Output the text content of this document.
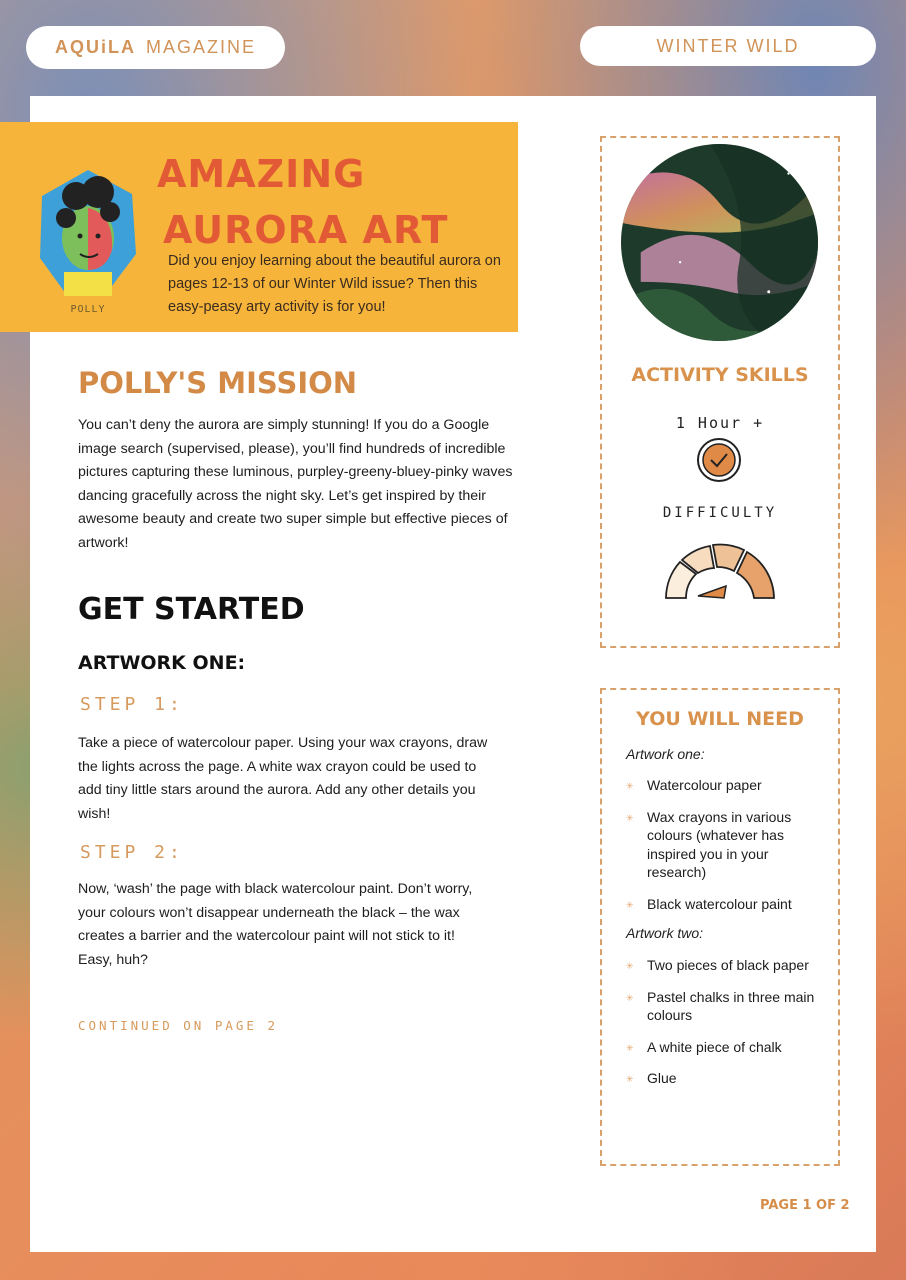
AQUiLA MAGAZINE	WINTER WILD
POLLY
AMAZING
AURORA ART

Did you enjoy learning about the beautiful aurora on pages 12-13 of our Winter Wild issue? Then this easy-peasy arty activity is for you!

POLLY'S MISSION

You can’t deny the aurora are simply stunning! If you do a Google image search (supervised, please), you’ll find hundreds of incredible pictures capturing these luminous, purpley-greeny-bluey-pinky waves dancing gracefully across the night sky. Let’s get inspired by their awesome beauty and create two super simple but effective pieces of artwork!

GET STARTED
ARTWORK ONE:
STEP 1:

Take a piece of watercolour paper. Using your wax crayons, draw the lights across the page. A white wax crayon could be used to add tiny little stars around the aurora. Add any other details you wish!

STEP 2:

Now, ‘wash’ the page with black watercolour paint. Don’t worry, your colours won’t disappear underneath the black – the wax creates a barrier and the watercolour paint will not stick to it! Easy, huh?

CONTINUED ON PAGE 2
ACTIVITY SKILLS
1 Hour +
DIFFICULTY
YOU WILL NEED
Artwork one:
✳ Watercolour paper
✳ Wax crayons in various colours (whatever has inspired you in your research)
✳ Black watercolour paint
Artwork two:
✳ Two pieces of black paper
✳ Pastel chalks in three main colours
✳ A white piece of chalk
✳ Glue
PAGE 1 OF 2
